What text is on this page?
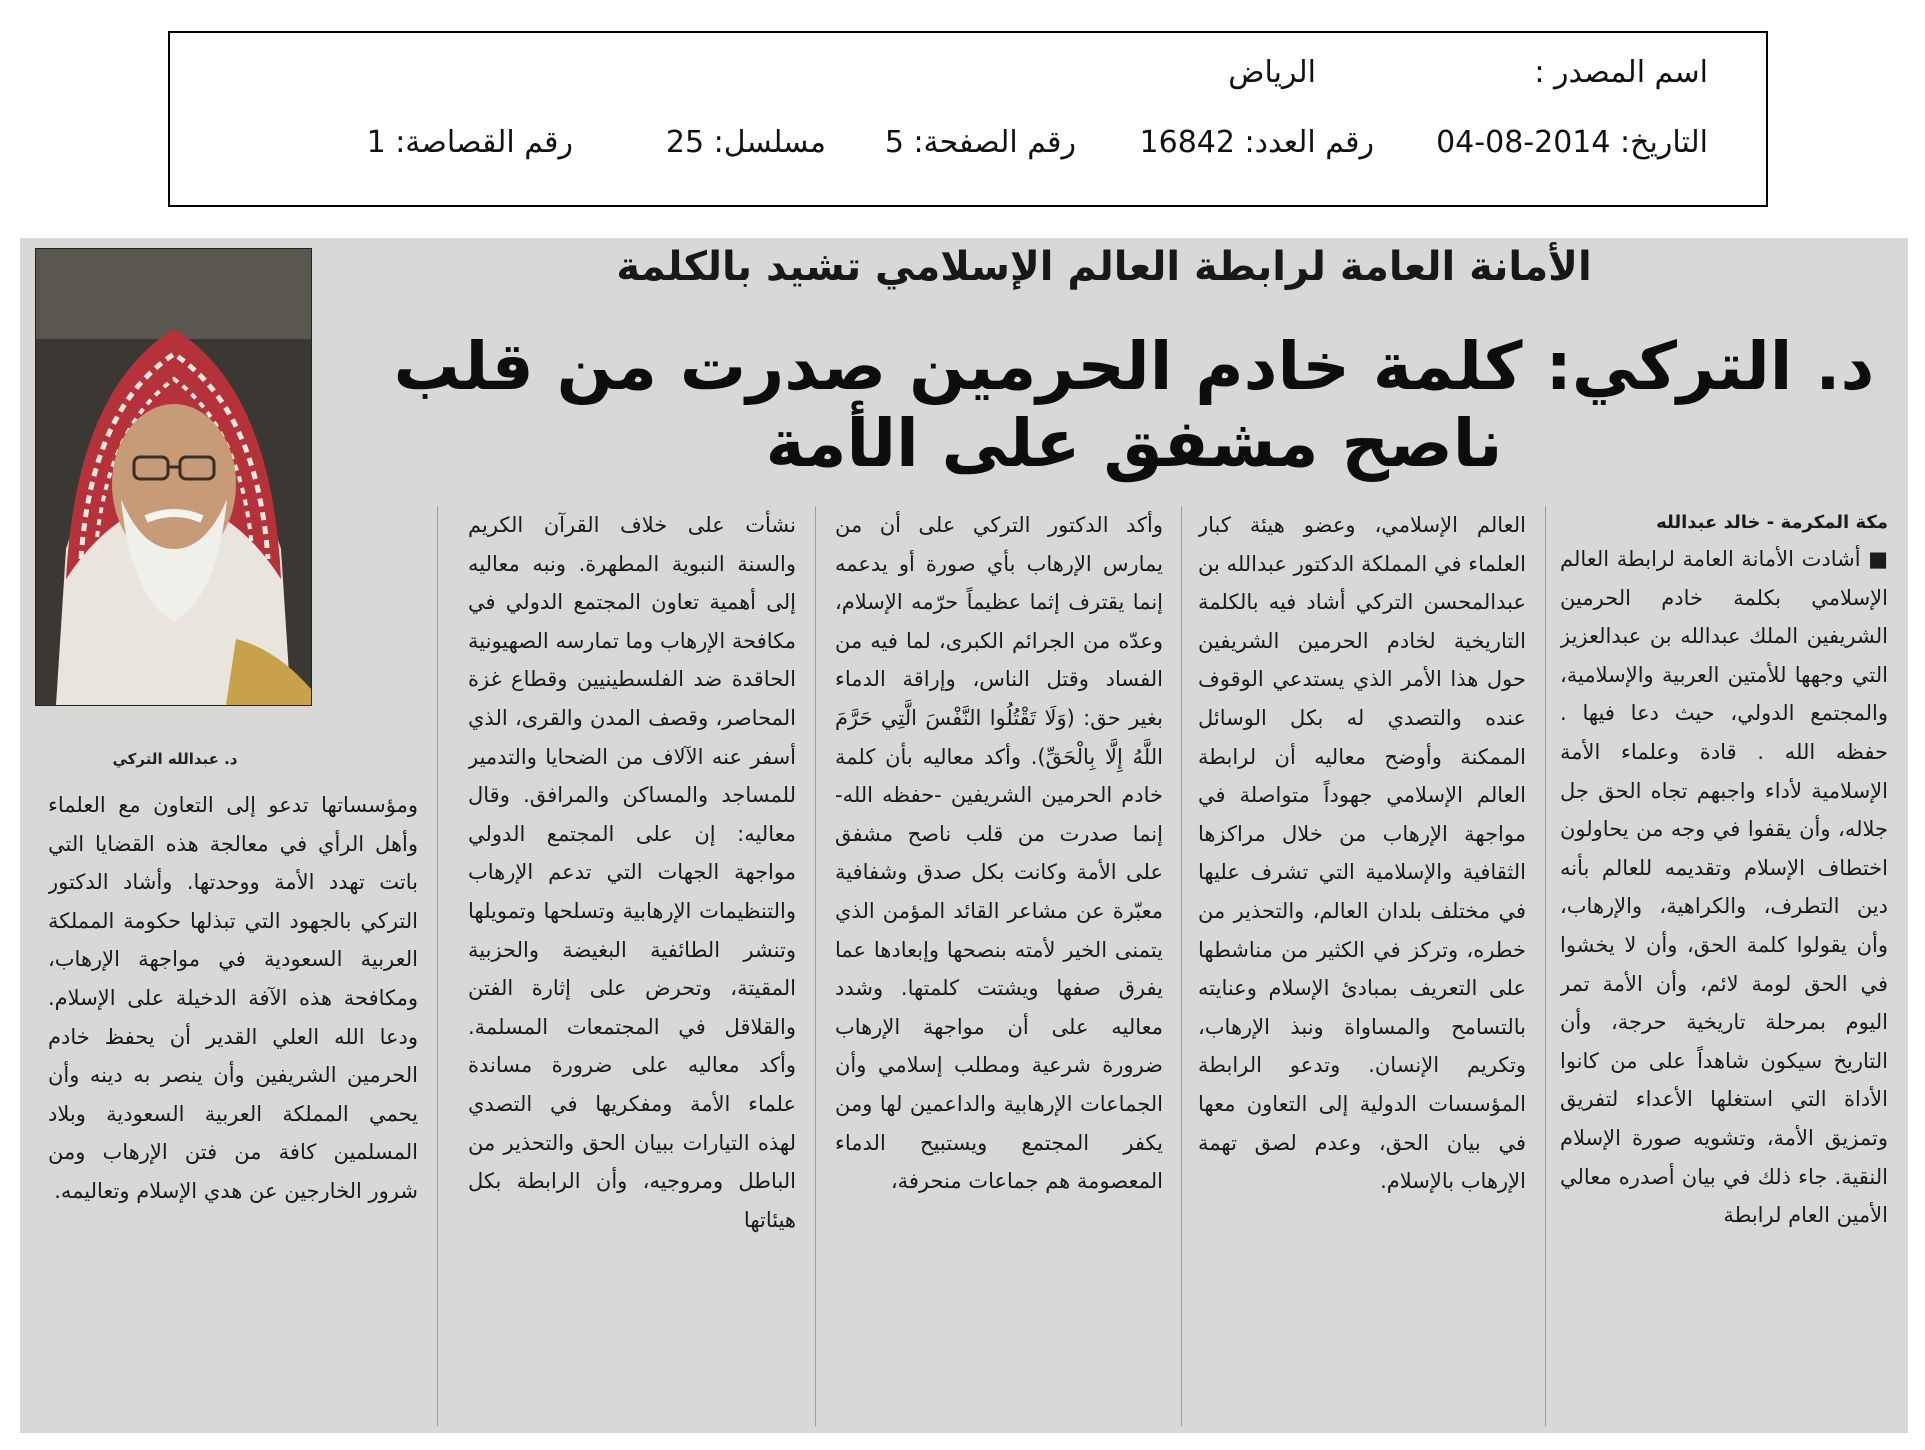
اسم المصدر :
الرياض
التاريخ: 2014-08-04
رقم العدد: 16842
رقم الصفحة: 5
مسلسل: 25
رقم القصاصة: 1
الأمانة العامة لرابطة العالم الإسلامي تشيد بالكلمة
د. التركي: كلمة خادم الحرمين صدرت من قلب ناصح مشفق على الأمة
د. عبدالله التركي

مكة المكرمة - خالد عبدالله

■ أشادت الأمانة العامة لرابطة العالم الإسلامي بكلمة خادم الحرمين الشريفين الملك عبدالله بن عبدالعزيز التي وجهها للأمتين العربية والإسلامية، والمجتمع الدولي، حيث دعا فيها . حفظه الله . قادة وعلماء الأمة الإسلامية لأداء واجبهم تجاه الحق جل جلاله، وأن يقفوا في وجه من يحاولون اختطاف الإسلام وتقديمه للعالم بأنه دين التطرف، والكراهية، والإرهاب، وأن يقولوا كلمة الحق، وأن لا يخشوا في الحق لومة لائم، وأن الأمة تمر اليوم بمرحلة تاريخية حرجة، وأن التاريخ سيكون شاهداً على من كانوا الأداة التي استغلها الأعداء لتفريق وتمزيق الأمة، وتشويه صورة الإسلام النقية. جاء ذلك في بيان أصدره معالي الأمين العام لرابطة

العالم الإسلامي، وعضو هيئة كبار العلماء في المملكة الدكتور عبدالله بن عبدالمحسن التركي أشاد فيه بالكلمة التاريخية لخادم الحرمين الشريفين حول هذا الأمر الذي يستدعي الوقوف عنده والتصدي له بكل الوسائل الممكنة وأوضح معاليه أن لرابطة العالم الإسلامي جهوداً متواصلة في مواجهة الإرهاب من خلال مراكزها الثقافية والإسلامية التي تشرف عليها في مختلف بلدان العالم، والتحذير من خطره، وتركز في الكثير من مناشطها على التعريف بمبادئ الإسلام وعنايته بالتسامح والمساواة ونبذ الإرهاب، وتكريم الإنسان. وتدعو الرابطة المؤسسات الدولية إلى التعاون معها في بيان الحق، وعدم لصق تهمة الإرهاب بالإسلام.

وأكد الدكتور التركي على أن من يمارس الإرهاب بأي صورة أو يدعمه إنما يقترف إثما عظيماً حرّمه الإسلام، وعدّه من الجرائم الكبرى، لما فيه من الفساد وقتل الناس، وإراقة الدماء بغير حق: (وَلَا تَقْتُلُوا النَّفْسَ الَّتِي حَرَّمَ اللَّهُ إِلَّا بِالْحَقِّ). وأكد معاليه بأن كلمة خادم الحرمين الشريفين -حفظه الله- إنما صدرت من قلب ناصح مشفق على الأمة وكانت بكل صدق وشفافية معبّرة عن مشاعر القائد المؤمن الذي يتمنى الخير لأمته بنصحها وإبعادها عما يفرق صفها ويشتت كلمتها. وشدد معاليه على أن مواجهة الإرهاب ضرورة شرعية ومطلب إسلامي وأن الجماعات الإرهابية والداعمين لها ومن يكفر المجتمع ويستبيح الدماء المعصومة هم جماعات منحرفة،

نشأت على خلاف القرآن الكريم والسنة النبوية المطهرة. ونبه معاليه إلى أهمية تعاون المجتمع الدولي في مكافحة الإرهاب وما تمارسه الصهيونية الحاقدة ضد الفلسطينيين وقطاع غزة المحاصر، وقصف المدن والقرى، الذي أسفر عنه الآلاف من الضحايا والتدمير للمساجد والمساكن والمرافق. وقال معاليه: إن على المجتمع الدولي مواجهة الجهات التي تدعم الإرهاب والتنظيمات الإرهابية وتسلحها وتمويلها وتنشر الطائفية البغيضة والحزبية المقيتة، وتحرض على إثارة الفتن والقلاقل في المجتمعات المسلمة. وأكد معاليه على ضرورة مساندة علماء الأمة ومفكريها في التصدي لهذه التيارات ببيان الحق والتحذير من الباطل ومروجيه، وأن الرابطة بكل هيئاتها

ومؤسساتها تدعو إلى التعاون مع العلماء وأهل الرأي في معالجة هذه القضايا التي باتت تهدد الأمة ووحدتها. وأشاد الدكتور التركي بالجهود التي تبذلها حكومة المملكة العربية السعودية في مواجهة الإرهاب، ومكافحة هذه الآفة الدخيلة على الإسلام. ودعا الله العلي القدير أن يحفظ خادم الحرمين الشريفين وأن ينصر به دينه وأن يحمي المملكة العربية السعودية وبلاد المسلمين كافة من فتن الإرهاب ومن شرور الخارجين عن هدي الإسلام وتعاليمه.
